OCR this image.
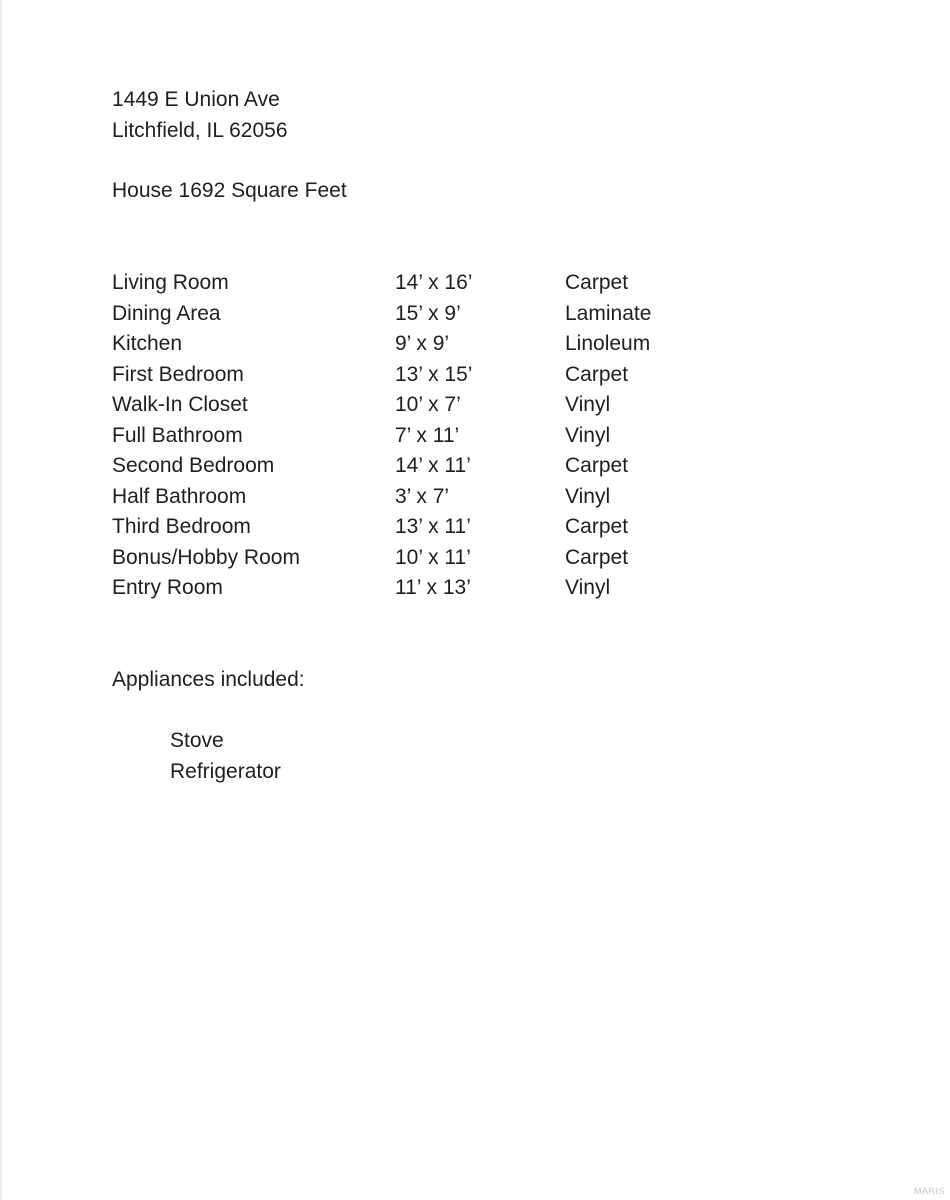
1449 E Union Ave
Litchfield, IL 62056
House 1692 Square Feet
Living Room	14’ x 16’	Carpet
Dining Area	15’ x 9’	Laminate
Kitchen	9’ x 9’	Linoleum
First Bedroom	13’ x 15’	Carpet
Walk-In Closet	10’ x 7’	Vinyl
Full Bathroom	7’ x 11’	Vinyl
Second Bedroom	14’ x 11’	Carpet
Half Bathroom	3’ x 7’	Vinyl
Third Bedroom	13’ x 11’	Carpet
Bonus/Hobby Room	10’ x 11’	Carpet
Entry Room	11’ x 13’	Vinyl
Appliances included:
Stove
Refrigerator
MARIS
